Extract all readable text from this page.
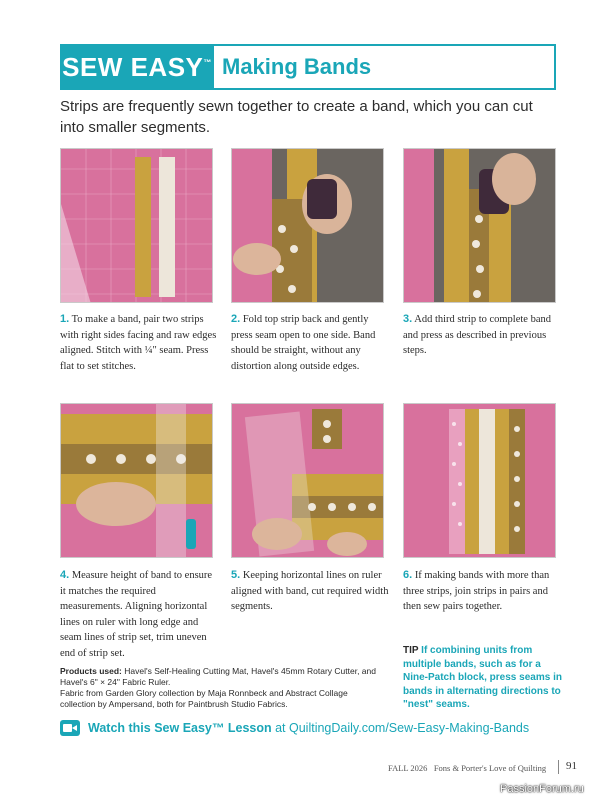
SEW EASY™ Making Bands
Strips are frequently sewn together to create a band, which you can cut into smaller segments.
1. To make a band, pair two strips with right sides facing and raw edges aligned. Stitch with ¼" seam. Press flat to set stitches.
2. Fold top strip back and gently press seam open to one side. Band should be straight, without any distortion along outside edges.
3. Add third strip to complete band and press as described in previous steps.
4. Measure height of band to ensure it matches the required measurements. Aligning horizontal lines on ruler with long edge and seam lines of strip set, trim uneven end of strip set.
5. Keeping horizontal lines on ruler aligned with band, cut required width segments.
6. If making bands with more than three strips, join strips in pairs and then sew pairs together.
TIP If combining units from multiple bands, such as for a Nine-Patch block, press seams in bands in alternating directions to "nest" seams.
Products used: Havel's Self-Healing Cutting Mat, Havel's 45mm Rotary Cutter, and Havel's 6" × 24" Fabric Ruler.
Fabric from Garden Glory collection by Maja Ronnbeck and Abstract Collage collection by Ampersand, both for Paintbrush Studio Fabrics.
Watch this Sew Easy™ Lesson at QuiltingDaily.com/Sew-Easy-Making-Bands
FALL 2026 Fons & Porter's Love of Quilting 91
PassionForum.ru
